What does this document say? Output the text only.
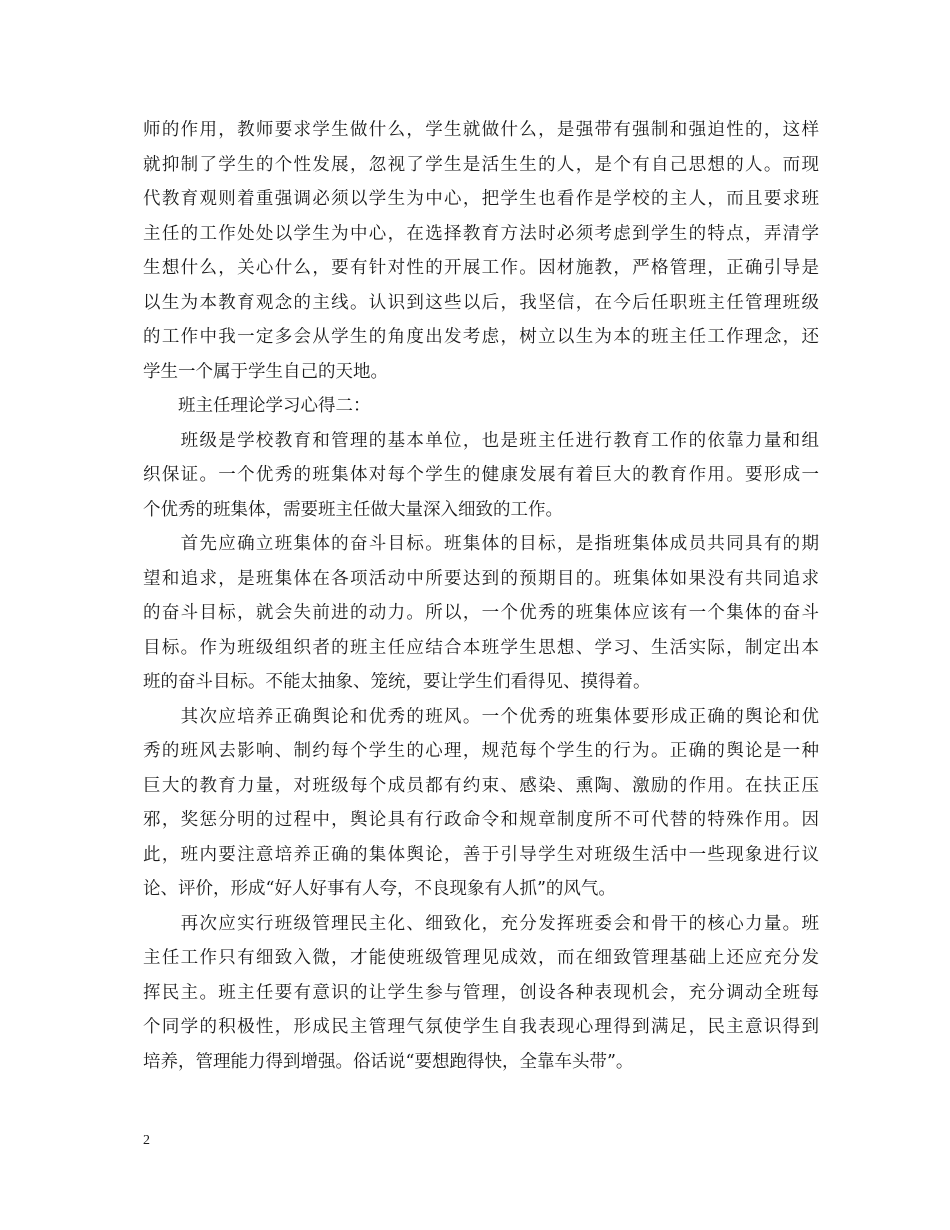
师的作用，教师要求学生做什么，学生就做什么，是强带有强制和强迫性的，这样
就抑制了学生的个性发展，忽视了学生是活生生的人，是个有自己思想的人。而现
代教育观则着重强调必须以学生为中心，把学生也看作是学校的主人，而且要求班
主任的工作处处以学生为中心，在选择教育方法时必须考虑到学生的特点，弄清学
生想什么，关心什么，要有针对性的开展工作。因材施教，严格管理，正确引导是
以生为本教育观念的主线。认识到这些以后，我坚信，在今后任职班主任管理班级
的工作中我一定多会从学生的角度出发考虑，树立以生为本的班主任工作理念，还
学生一个属于学生自己的天地。
　　班主任理论学习心得二：
　　班级是学校教育和管理的基本单位，也是班主任进行教育工作的依靠力量和组
织保证。一个优秀的班集体对每个学生的健康发展有着巨大的教育作用。要形成一
个优秀的班集体，需要班主任做大量深入细致的工作。
　　首先应确立班集体的奋斗目标。班集体的目标，是指班集体成员共同具有的期
望和追求，是班集体在各项活动中所要达到的预期目的。班集体如果没有共同追求
的奋斗目标，就会失前进的动力。所以，一个优秀的班集体应该有一个集体的奋斗
目标。作为班级组织者的班主任应结合本班学生思想、学习、生活实际，制定出本
班的奋斗目标。不能太抽象、笼统，要让学生们看得见、摸得着。
　　其次应培养正确舆论和优秀的班风。一个优秀的班集体要形成正确的舆论和优
秀的班风去影响、制约每个学生的心理，规范每个学生的行为。正确的舆论是一种
巨大的教育力量，对班级每个成员都有约束、感染、熏陶、激励的作用。在扶正压
邪，奖惩分明的过程中，舆论具有行政命令和规章制度所不可代替的特殊作用。因
此，班内要注意培养正确的集体舆论，善于引导学生对班级生活中一些现象进行议
论、评价，形成“好人好事有人夸，不良现象有人抓”的风气。
　　再次应实行班级管理民主化、细致化，充分发挥班委会和骨干的核心力量。班
主任工作只有细致入微，才能使班级管理见成效，而在细致管理基础上还应充分发
挥民主。班主任要有意识的让学生参与管理，创设各种表现机会，充分调动全班每
个同学的积极性，形成民主管理气氛使学生自我表现心理得到满足，民主意识得到
培养，管理能力得到增强。俗话说“要想跑得快，全靠车头带”。
2
